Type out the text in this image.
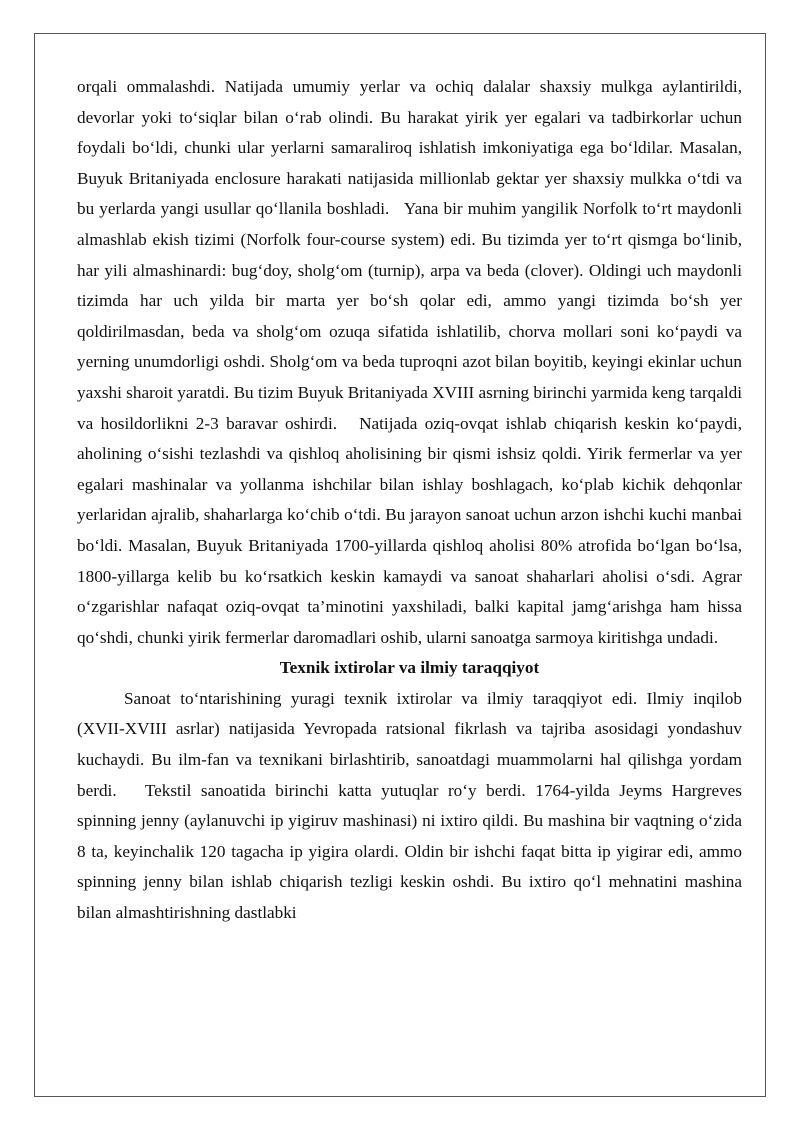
orqali ommalashdi. Natijada umumiy yerlar va ochiq dalalar shaxsiy mulkga aylantirildi, devorlar yoki to‘siqlar bilan o‘rab olindi. Bu harakat yirik yer egalari va tadbirkorlar uchun foydali bo‘ldi, chunki ular yerlarni samaraliroq ishlatish imkoniyatiga ega bo‘ldilar. Masalan, Buyuk Britaniyada enclosure harakati natijasida millionlab gektar yer shaxsiy mulkka o‘tdi va bu yerlarda yangi usullar qo‘llanila boshladi.   Yana bir muhim yangilik Norfolk to‘rt maydonli almashlab ekish tizimi (Norfolk four-course system) edi. Bu tizimda yer to‘rt qismga bo‘linib, har yili almashinardi: bug‘doy, sholg‘om (turnip), arpa va beda (clover). Oldingi uch maydonli tizimda har uch yilda bir marta yer bo‘sh qolar edi, ammo yangi tizimda bo‘sh yer qoldirilmasdan, beda va sholg‘om ozuqa sifatida ishlatilib, chorva mollari soni ko‘paydi va yerning unumdorligi oshdi. Sholg‘om va beda tuproqni azot bilan boyitib, keyingi ekinlar uchun yaxshi sharoit yaratdi. Bu tizim Buyuk Britaniyada XVIII asrning birinchi yarmida keng tarqaldi va hosildorlikni 2-3 baravar oshirdi.   Natijada oziq-ovqat ishlab chiqarish keskin ko‘paydi, aholining o‘sishi tezlashdi va qishloq aholisining bir qismi ishsiz qoldi. Yirik fermerlar va yer egalari mashinalar va yollanma ishchilar bilan ishlay boshlagach, ko‘plab kichik dehqonlar yerlaridan ajralib, shaharlarga ko‘chib o‘tdi. Bu jarayon sanoat uchun arzon ishchi kuchi manbai bo‘ldi. Masalan, Buyuk Britaniyada 1700-yillarda qishloq aholisi 80% atrofida bo‘lgan bo‘lsa, 1800-yillarga kelib bu ko‘rsatkich keskin kamaydi va sanoat shaharlari aholisi o‘sdi. Agrar o‘zgarishlar nafaqat oziq-ovqat ta’minotini yaxshiladi, balki kapital jamg‘arishga ham hissa qo‘shdi, chunki yirik fermerlar daromadlari oshib, ularni sanoatga sarmoya kiritishga undadi.

Texnik ixtirolar va ilmiy taraqqiyot

Sanoat to‘ntarishining yuragi texnik ixtirolar va ilmiy taraqqiyot edi. Ilmiy inqilob (XVII-XVIII asrlar) natijasida Yevropada ratsional fikrlash va tajriba asosidagi yondashuv kuchaydi. Bu ilm-fan va texnikani birlashtirib, sanoatdagi muammolarni hal qilishga yordam berdi.   Tekstil sanoatida birinchi katta yutuqlar ro‘y berdi. 1764-yilda Jeyms Hargreves spinning jenny (aylanuvchi ip yigiruv mashinasi) ni ixtiro qildi. Bu mashina bir vaqtning o‘zida 8 ta, keyinchalik 120 tagacha ip yigira olardi. Oldin bir ishchi faqat bitta ip yigirar edi, ammo spinning jenny bilan ishlab chiqarish tezligi keskin oshdi. Bu ixtiro qo‘l mehnatini mashina bilan almashtirishning dastlabki
